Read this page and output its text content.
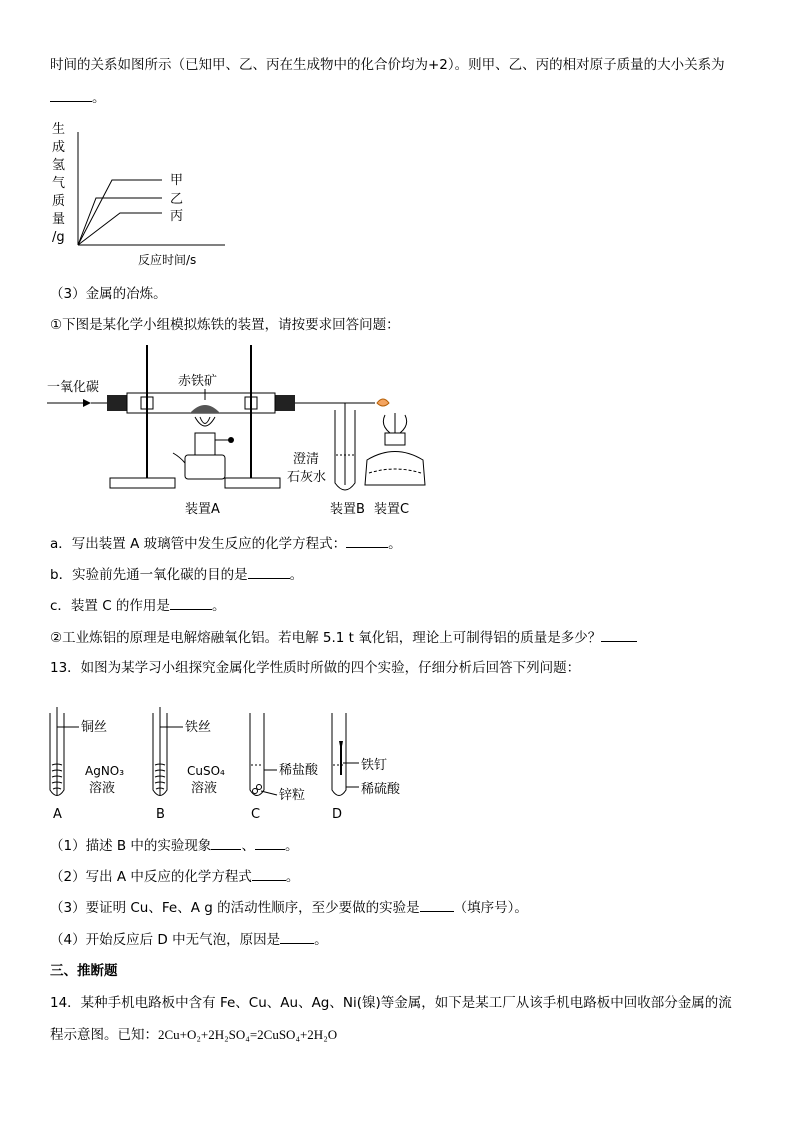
时间的关系如图所示（已知甲、乙、丙在生成物中的化合价均为+2）。则甲、乙、丙的相对原子质量的大小关系为
。
生
成
氢
气
质
量
/g
甲
乙
丙
反应时间/s
（3）金属的冶炼。
①下图是某化学小组模拟炼铁的装置，请按要求回答问题：
一氧化碳	赤铁矿
澄清
石灰水
装置A	装置B 装置C
a．写出装置 A 玻璃管中发生反应的化学方程式：	。
b．实验前先通一氧化碳的目的是	。
c．装置 C 的作用是	。
②工业炼铝的原理是电解熔融氧化铝。若电解 5.1 t 氧化铝，理论上可制得铝的质量是多少？
13．如图为某学习小组探究金属化学性质时所做的四个实验，仔细分析后回答下列问题：
铜丝
AgNO₃
溶液
A
铁丝
CuSO₄
溶液
B
稀盐酸
锌粒
C
铁钉
稀硫酸
D
（1）描述 B 中的实验现象 、 。
（2）写出 A 中反应的化学方程式	。
（3）要证明 Cu、Fe、A g 的活动性顺序，至少要做的实验是	（填序号）。
（4）开始反应后 D 中无气泡，原因是	。
三、推断题
14．某种手机电路板中含有 Fe、Cu、Au、Ag、Ni(镍)等金属，如下是某工厂从该手机电路板中回收部分金属的流
程示意图。已知：2Cu+O₂+2H₂SO₄=2CuSO₄+2H₂O
